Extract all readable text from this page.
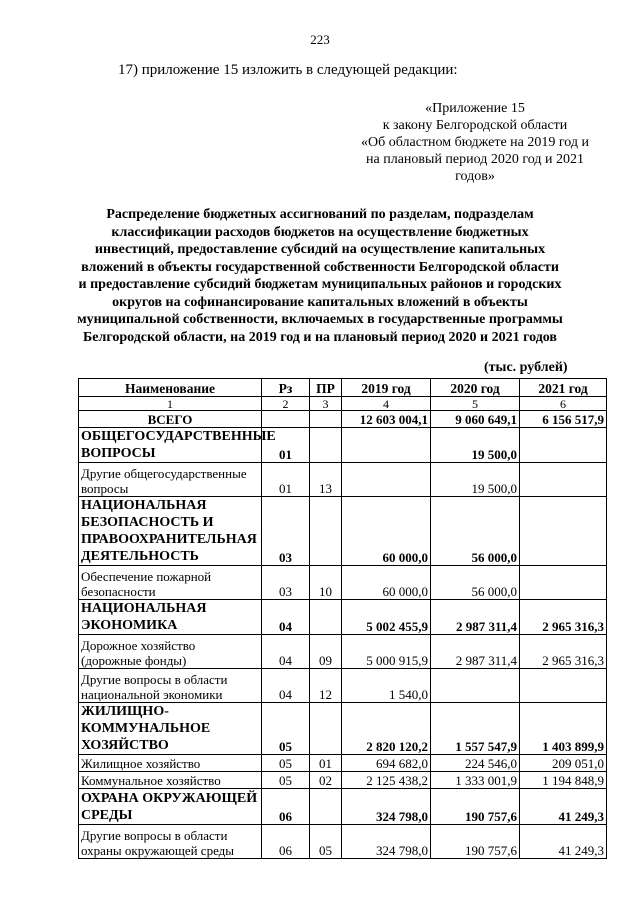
223
17) приложение 15 изложить в следующей редакции:
«Приложение 15
к закону Белгородской области
«Об областном бюджете на 2019 год и
на плановый период 2020 год и 2021
годов»
Распределение бюджетных ассигнований по разделам, подразделам
классификации расходов бюджетов на осуществление бюджетных
инвестиций, предоставление субсидий на осуществление капитальных
вложений в объекты государственной собственности Белгородской области
и предоставление субсидий бюджетам муниципальных районов и городских
округов на софинансирование капитальных вложений в объекты
муниципальной собственности, включаемых в государственные программы
Белгородской области, на 2019 год и на плановый период 2020 и 2021 годов
(тыс. рублей)
Наименование	Рз	ПР	2019 год	2020 год	2021 год
1	2	3	4	5	6
ВСЕГО			12 603 004,1	9 060 649,1	6 156 517,9
ОБЩЕГОСУДАРСТВЕННЫЕ ВОПРОСЫ	01			19 500,0	
Другие общегосударственные вопросы	01	13		19 500,0	
НАЦИОНАЛЬНАЯ БЕЗОПАСНОСТЬ И ПРАВООХРАНИТЕЛЬНАЯ ДЕЯТЕЛЬНОСТЬ	03		60 000,0	56 000,0	
Обеспечение пожарной безопасности	03	10	60 000,0	56 000,0	
НАЦИОНАЛЬНАЯ ЭКОНОМИКА	04		5 002 455,9	2 987 311,4	2 965 316,3
Дорожное хозяйство (дорожные фонды)	04	09	5 000 915,9	2 987 311,4	2 965 316,3
Другие вопросы в области национальной экономики	04	12	1 540,0		
ЖИЛИЩНО-КОММУНАЛЬНОЕ ХОЗЯЙСТВО	05		2 820 120,2	1 557 547,9	1 403 899,9
Жилищное хозяйство	05	01	694 682,0	224 546,0	209 051,0
Коммунальное хозяйство	05	02	2 125 438,2	1 333 001,9	1 194 848,9
ОХРАНА ОКРУЖАЮЩЕЙ СРЕДЫ	06		324 798,0	190 757,6	41 249,3
Другие вопросы в области охраны окружающей среды	06	05	324 798,0	190 757,6	41 249,3
